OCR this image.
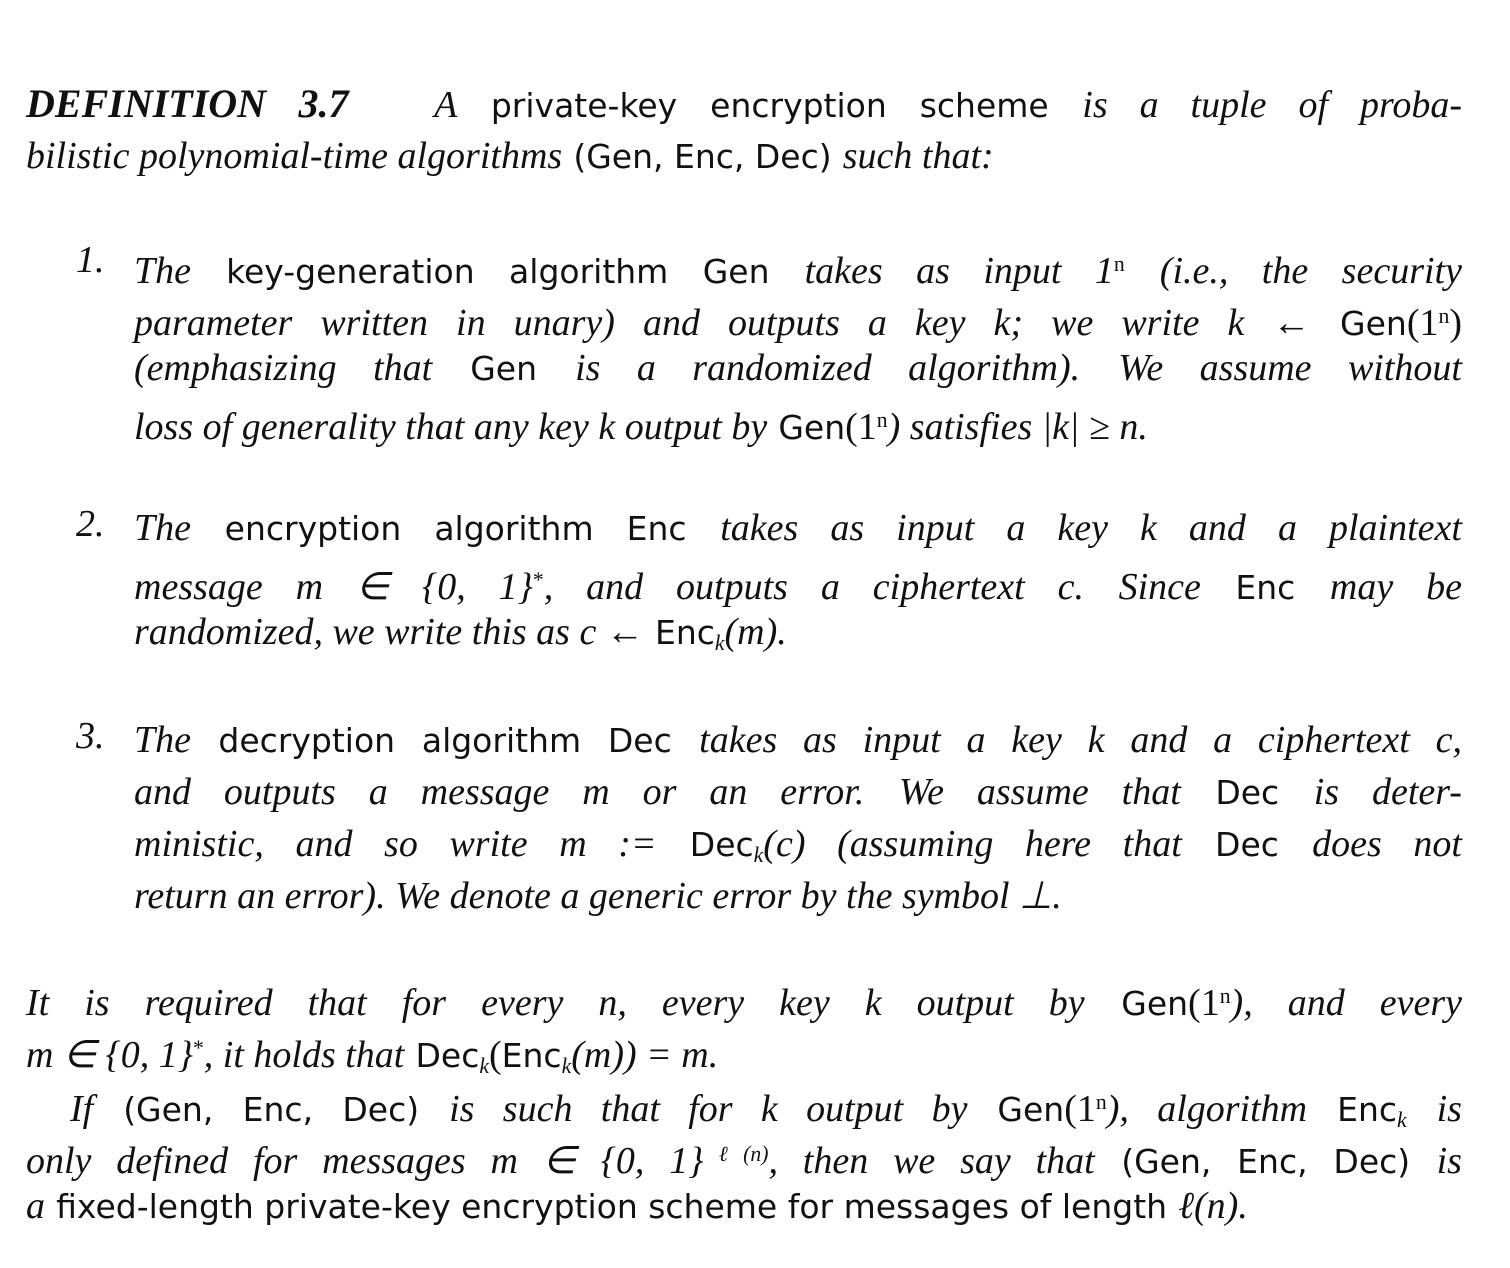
DEFINITION 3.7 A private-key encryption scheme is a tuple of proba-
bilistic polynomial-time algorithms (Gen, Enc, Dec) such that:
1. The key-generation algorithm Gen takes as input 1$^n$ (i.e., the security
parameter written in unary) and outputs a key k; we write k ← Gen(1$^n$)
(emphasizing that Gen is a randomized algorithm). We assume without
loss of generality that any key k output by Gen(1$^n$) satisfies |k| ≥ n.
2. The encryption algorithm Enc takes as input a key k and a plaintext
message m ∈ {0, 1}*, and outputs a ciphertext c. Since Enc may be
randomized, we write this as c ← Enc$_k$(m).
3. The decryption algorithm Dec takes as input a key k and a ciphertext c,
and outputs a message m or an error. We assume that Dec is deter-
ministic, and so write m := Dec$_k$(c) (assuming here that Dec does not
return an error). We denote a generic error by the symbol ⊥.
It is required that for every n, every key k output by Gen(1$^n$), and every
m ∈ {0, 1}*, it holds that Dec$_k$(Enc$_k$(m)) = m.
If (Gen, Enc, Dec) is such that for k output by Gen(1$^n$), algorithm Enc$_k$ is
only defined for messages m ∈ {0, 1}$^{\ell(n)}$, then we say that (Gen, Enc, Dec) is
a fixed-length private-key encryption scheme for messages of length ℓ(n).
